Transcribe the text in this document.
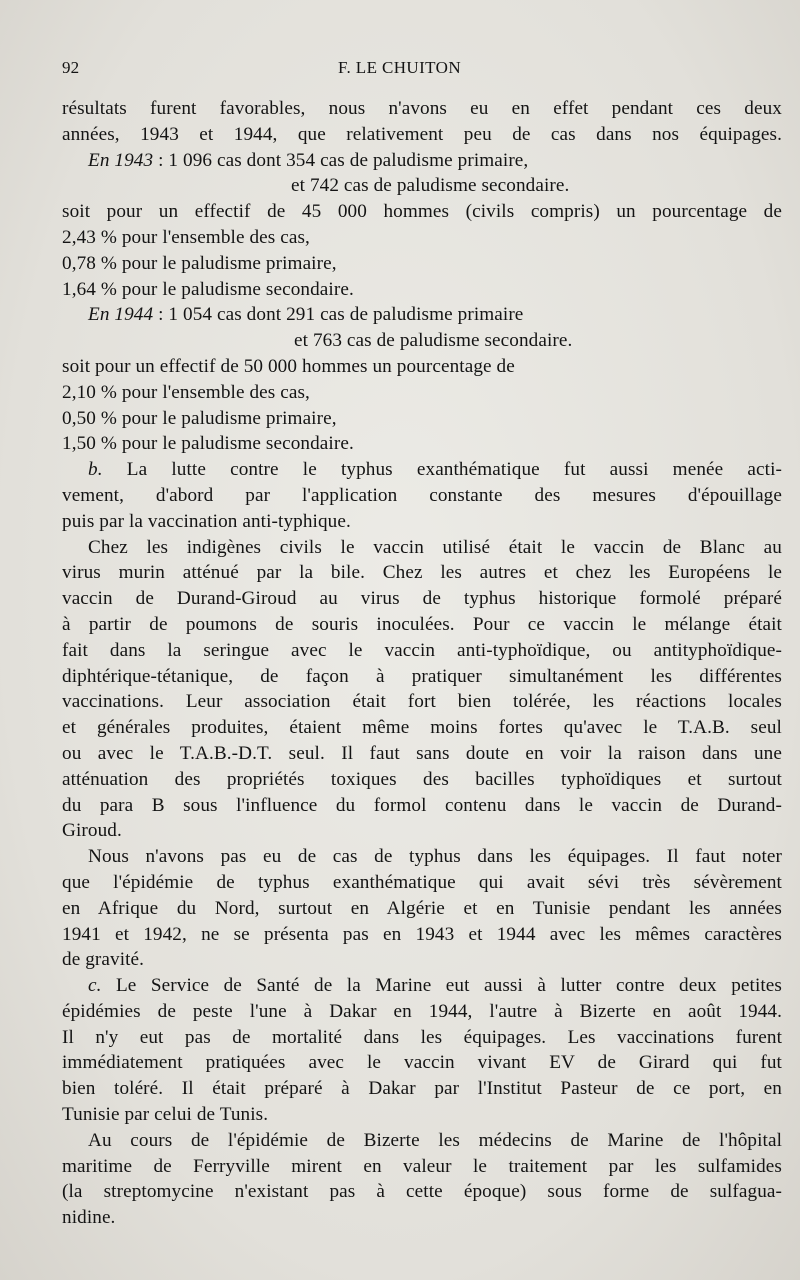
92	F. LE CHUITON
résultats furent favorables, nous n'avons eu en effet pendant ces deux
années, 1943 et 1944, que relativement peu de cas dans nos équipages.
En 1943 : 1 096 cas dont 354 cas de paludisme primaire,
et 742 cas de paludisme secondaire.
soit pour un effectif de 45 000 hommes (civils compris) un pourcentage de
2,43 % pour l'ensemble des cas,
0,78 % pour le paludisme primaire,
1,64 % pour le paludisme secondaire.
En 1944 : 1 054 cas dont 291 cas de paludisme primaire
et 763 cas de paludisme secondaire.
soit pour un effectif de 50 000 hommes un pourcentage de
2,10 % pour l'ensemble des cas,
0,50 % pour le paludisme primaire,
1,50 % pour le paludisme secondaire.
b. La lutte contre le typhus exanthématique fut aussi menée acti-
vement, d'abord par l'application constante des mesures d'épouillage
puis par la vaccination anti-typhique.
Chez les indigènes civils le vaccin utilisé était le vaccin de Blanc au
virus murin atténué par la bile. Chez les autres et chez les Européens le
vaccin de Durand-Giroud au virus de typhus historique formolé préparé
à partir de poumons de souris inoculées. Pour ce vaccin le mélange était
fait dans la seringue avec le vaccin anti-typhoïdique, ou antityphoïdique-
diphtérique-tétanique, de façon à pratiquer simultanément les différentes
vaccinations. Leur association était fort bien tolérée, les réactions locales
et générales produites, étaient même moins fortes qu'avec le T.A.B. seul
ou avec le T.A.B.-D.T. seul. Il faut sans doute en voir la raison dans une
atténuation des propriétés toxiques des bacilles typhoïdiques et surtout
du para B sous l'influence du formol contenu dans le vaccin de Durand-
Giroud.
Nous n'avons pas eu de cas de typhus dans les équipages. Il faut noter
que l'épidémie de typhus exanthématique qui avait sévi très sévèrement
en Afrique du Nord, surtout en Algérie et en Tunisie pendant les années
1941 et 1942, ne se présenta pas en 1943 et 1944 avec les mêmes caractères
de gravité.
c. Le Service de Santé de la Marine eut aussi à lutter contre deux petites
épidémies de peste l'une à Dakar en 1944, l'autre à Bizerte en août 1944.
Il n'y eut pas de mortalité dans les équipages. Les vaccinations furent
immédiatement pratiquées avec le vaccin vivant EV de Girard qui fut
bien toléré. Il était préparé à Dakar par l'Institut Pasteur de ce port, en
Tunisie par celui de Tunis.
Au cours de l'épidémie de Bizerte les médecins de Marine de l'hôpital
maritime de Ferryville mirent en valeur le traitement par les sulfamides
(la streptomycine n'existant pas à cette époque) sous forme de sulfagua-
nidine.
